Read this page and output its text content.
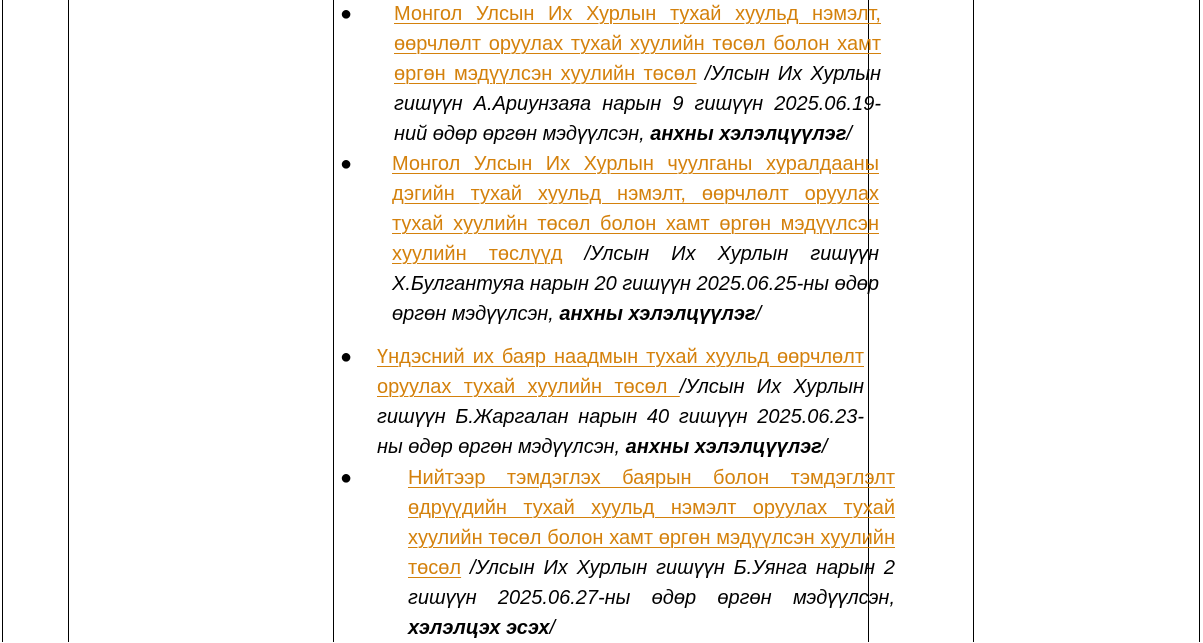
●	Монгол Улсын Их Хурлын тухай хуульд нэмэлт, өөрчлөлт оруулах тухай хуулийн төсөл болон хамт өргөн мэдүүлсэн хуулийн төсөл /Улсын Их Хурлын гишүүн А.Ариунзаяа нарын 9 гишүүн 2025.06.19-ний өдөр өргөн мэдүүлсэн, анхны хэлэлцүүлэг/

●	Монгол Улсын Их Хурлын чуулганы хуралдааны дэгийн тухай хуульд нэмэлт, өөрчлөлт оруулах тухай хуулийн төсөл болон хамт өргөн мэдүүлсэн хуулийн төслүүд /Улсын Их Хурлын гишүүн Х.Булгантуяа нарын 20 гишүүн 2025.06.25-ны өдөр өргөн мэдүүлсэн, анхны хэлэлцүүлэг/

● Үндэсний их баяр наадмын тухай хуульд өөрчлөлт оруулах тухай хуулийн төсөл /Улсын Их Хурлын гишүүн Б.Жаргалан нарын 40 гишүүн 2025.06.23-ны өдөр өргөн мэдүүлсэн, анхны хэлэлцүүлэг/

●	Нийтээр тэмдэглэх баярын болон тэмдэглэлт өдрүүдийн тухай хуульд нэмэлт оруулах тухай хуулийн төсөл болон хамт өргөн мэдүүлсэн хуулийн төсөл /Улсын Их Хурлын гишүүн Б.Уянга нарын 2 гишүүн 2025.06.27-ны өдөр өргөн мэдүүлсэн, хэлэлцэх эсэх/
